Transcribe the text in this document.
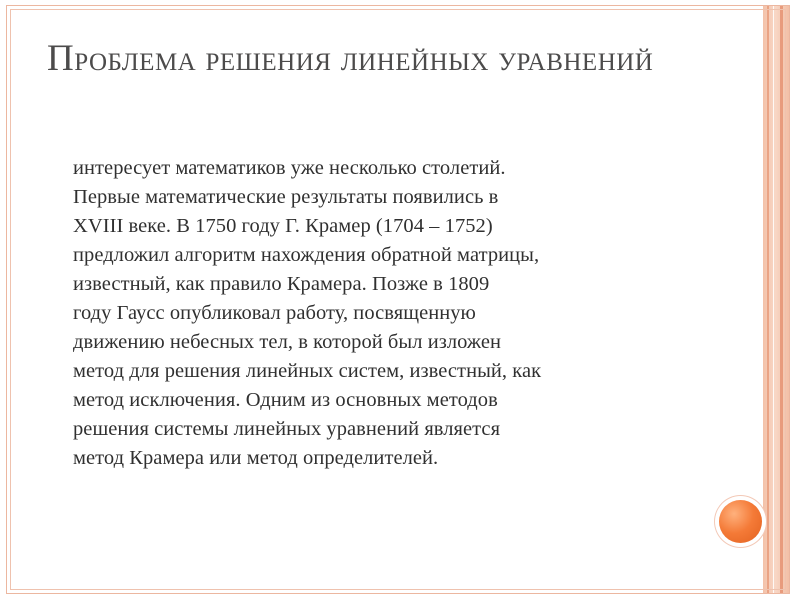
Проблема решения линейных уравнений

интересует математиков уже несколько столетий.
Первые математические результаты появились в
XVIII веке. В 1750 году Г. Крамер (1704 – 1752)
предложил алгоритм нахождения обратной матрицы,
известный, как правило Крамера. Позже в 1809
году Гаусс опубликовал работу, посвященную
движению небесных тел, в которой был изложен
метод для решения линейных систем, известный, как
метод исключения. Одним из основных методов
решения системы линейных уравнений является
метод Крамера или метод определителей.
